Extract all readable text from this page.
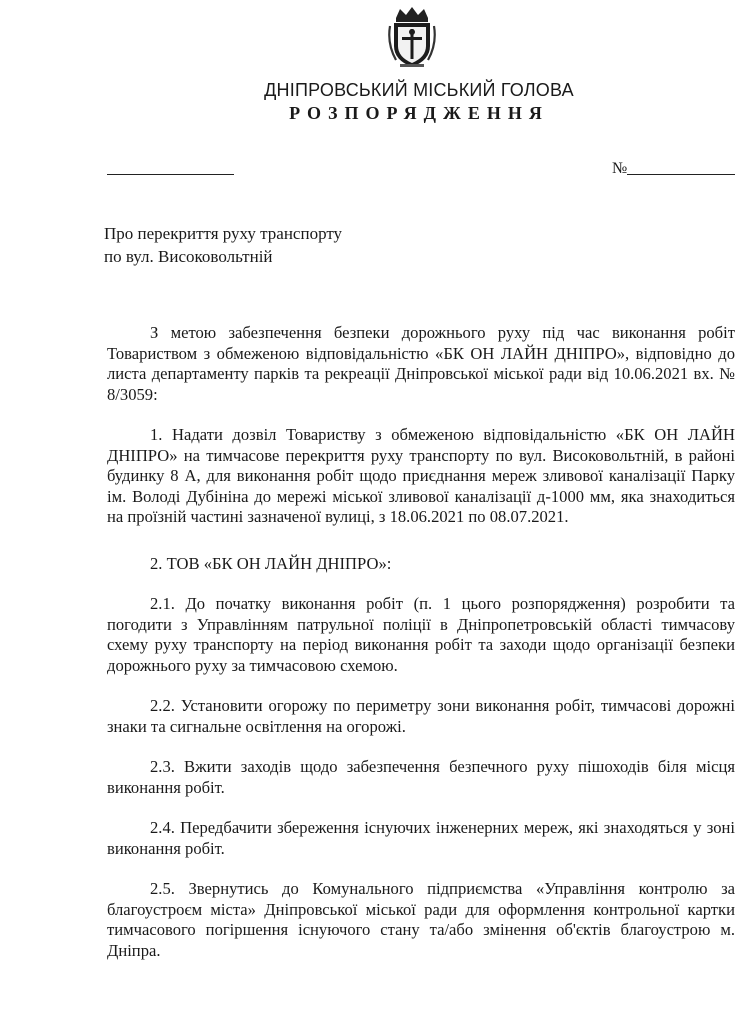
ДНІПРОВСЬКИЙ МІСЬКИЙ ГОЛОВА
РОЗПОРЯДЖЕННЯ
№
Про перекриття руху транспорту
по вул. Високовольтній

З метою забезпечення безпеки дорожнього руху під час виконання робіт Товариством з обмеженою відповідальністю «БК ОН ЛАЙН ДНІПРО», відповідно до листа департаменту парків та рекреації Дніпровської міської ради від 10.06.2021 вх. № 8/3059:

1. Надати дозвіл Товариству з обмеженою відповідальністю «БК ОН ЛАЙН ДНІПРО» на тимчасове перекриття руху транспорту по вул. Високовольтній, в районі будинку 8 А, для виконання робіт щодо приєднання мереж зливової каналізації Парку ім. Володі Дубініна до мережі міської зливової каналізації д-1000 мм, яка знаходиться на проїзній частині зазначеної вулиці, з 18.06.2021 по 08.07.2021.

2. ТОВ «БК ОН ЛАЙН ДНІПРО»:

2.1. До початку виконання робіт (п. 1 цього розпорядження) розробити та погодити з Управлінням патрульної поліції в Дніпропетровській області тимчасову схему руху транспорту на період виконання робіт та заходи щодо організації безпеки дорожнього руху за тимчасовою схемою.

2.2. Установити огорожу по периметру зони виконання робіт, тимчасові дорожні знаки та сигнальне освітлення на огорожі.

2.3. Вжити заходів щодо забезпечення безпечного руху пішоходів біля місця виконання робіт.

2.4. Передбачити збереження існуючих інженерних мереж, які знаходяться у зоні виконання робіт.

2.5. Звернутись до Комунального підприємства «Управління контролю за благоустроєм міста» Дніпровської міської ради для оформлення контрольної картки тимчасового погіршення існуючого стану та/або змінення об'єктів благоустрою м. Дніпра.
